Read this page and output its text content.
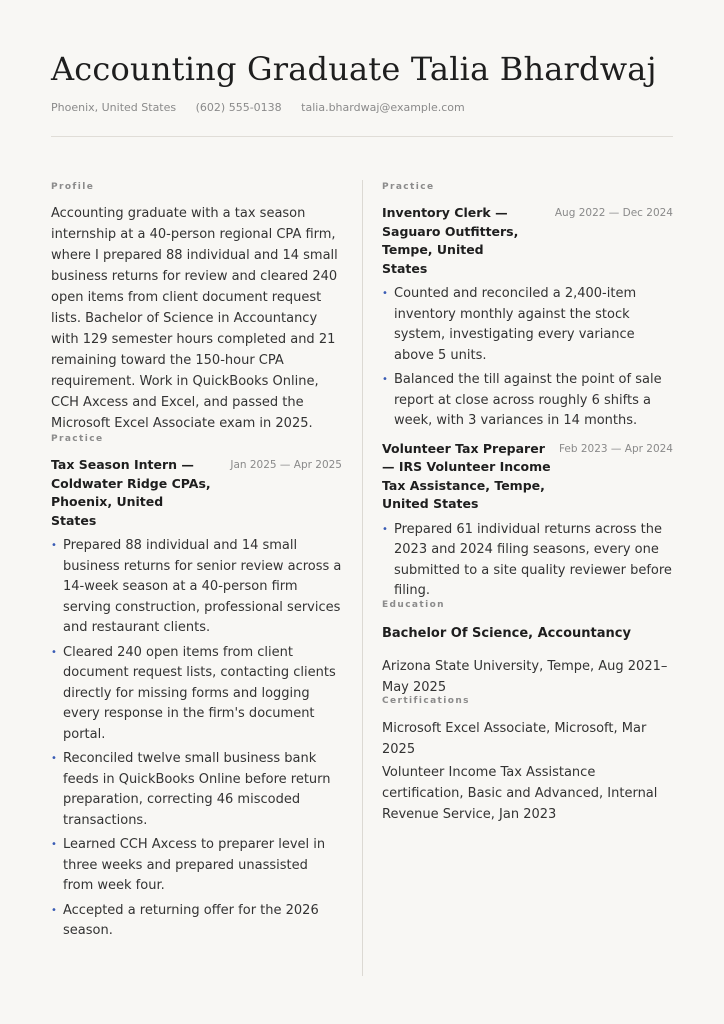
Accounting Graduate Talia Bhardwaj
Phoenix, United States (602) 555-0138 talia.bhardwaj@example.com

Profile

Accounting graduate with a tax season internship at a 40-person regional CPA firm, where I prepared 88 individual and 14 small business returns for review and cleared 240 open items from client document request lists. Bachelor of Science in Accountancy with 129 semester hours completed and 21 remaining toward the 150-hour CPA requirement. Work in QuickBooks Online, CCH Axcess and Excel, and passed the Microsoft Excel Associate exam in 2025.

Practice

Tax Season Intern — Coldwater Ridge CPAs, Phoenix, United States

Jan 2025 — Apr 2025
• Prepared 88 individual and 14 small business returns for senior review across a 14-week season at a 40-person firm serving construction, professional services and restaurant clients.
• Cleared 240 open items from client document request lists, contacting clients directly for missing forms and logging every response in the firm's document portal.
• Reconciled twelve small business bank feeds in QuickBooks Online before return preparation, correcting 46 miscoded transactions.
• Learned CCH Axcess to preparer level in three weeks and prepared unassisted from week four.
• Accepted a returning offer for the 2026 season.

Practice

Inventory Clerk — Saguaro Outfitters, Tempe, United States

Aug 2022 — Dec 2024
• Counted and reconciled a 2,400-item inventory monthly against the stock system, investigating every variance above 5 units.
• Balanced the till against the point of sale report at close across roughly 6 shifts a week, with 3 variances in 14 months.

Volunteer Tax Preparer — IRS Volunteer Income Tax Assistance, Tempe, United States

Feb 2023 — Apr 2024
• Prepared 61 individual returns across the 2023 and 2024 filing seasons, every one submitted to a site quality reviewer before filing.

Education

Bachelor Of Science, Accountancy

Arizona State University, Tempe, Aug 2021–May 2025

Certifications

Microsoft Excel Associate, Microsoft, Mar 2025

Volunteer Income Tax Assistance certification, Basic and Advanced, Internal Revenue Service, Jan 2023
